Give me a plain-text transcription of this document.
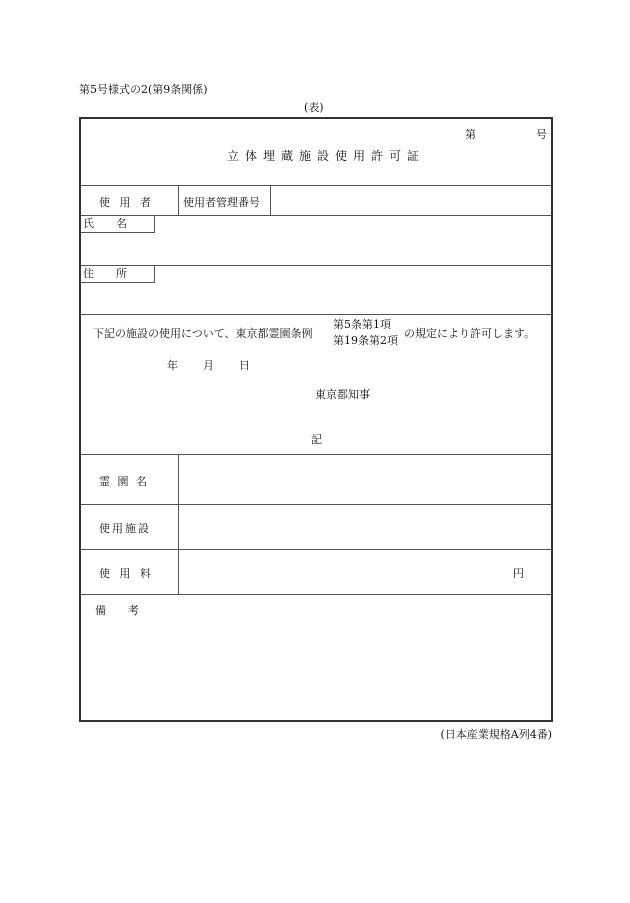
第5号様式の2(第9条関係)
(表)
第	号
立体埋蔵施設使用許可証
使 用 者	使用者管理番号
氏　　名
住　　所
下記の施設の使用について、東京都霊園条例
第5条第1項
第19条第2項
の規定により許可します。
年 月 日
東京都知事
記
霊 園 名
使用施設
使 用 料	円
備　　考
(日本産業規格A列4番)
